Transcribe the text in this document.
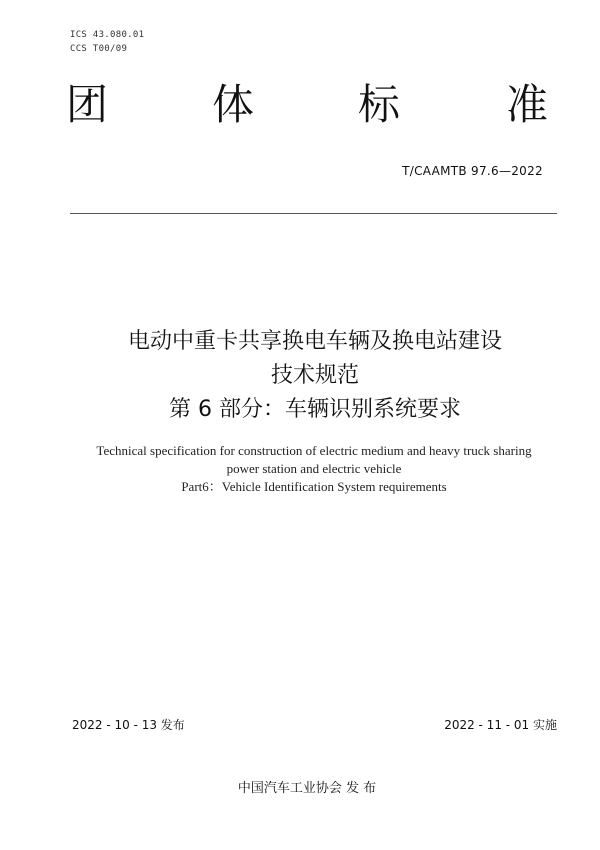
ICS 43.080.01
CCS T00/09
团 体 标	准
T/CAAMTB 97.6—2022
电动中重卡共享换电车辆及换电站建设
技术规范
第 6 部分：车辆识别系统要求
Technical specification for construction of electric medium and heavy truck sharing
power station and electric vehicle
Part6：Vehicle Identification System requirements
2022 - 10 - 13 发布	2022 - 11 - 01 实施
中国汽车工业协会 发 布
